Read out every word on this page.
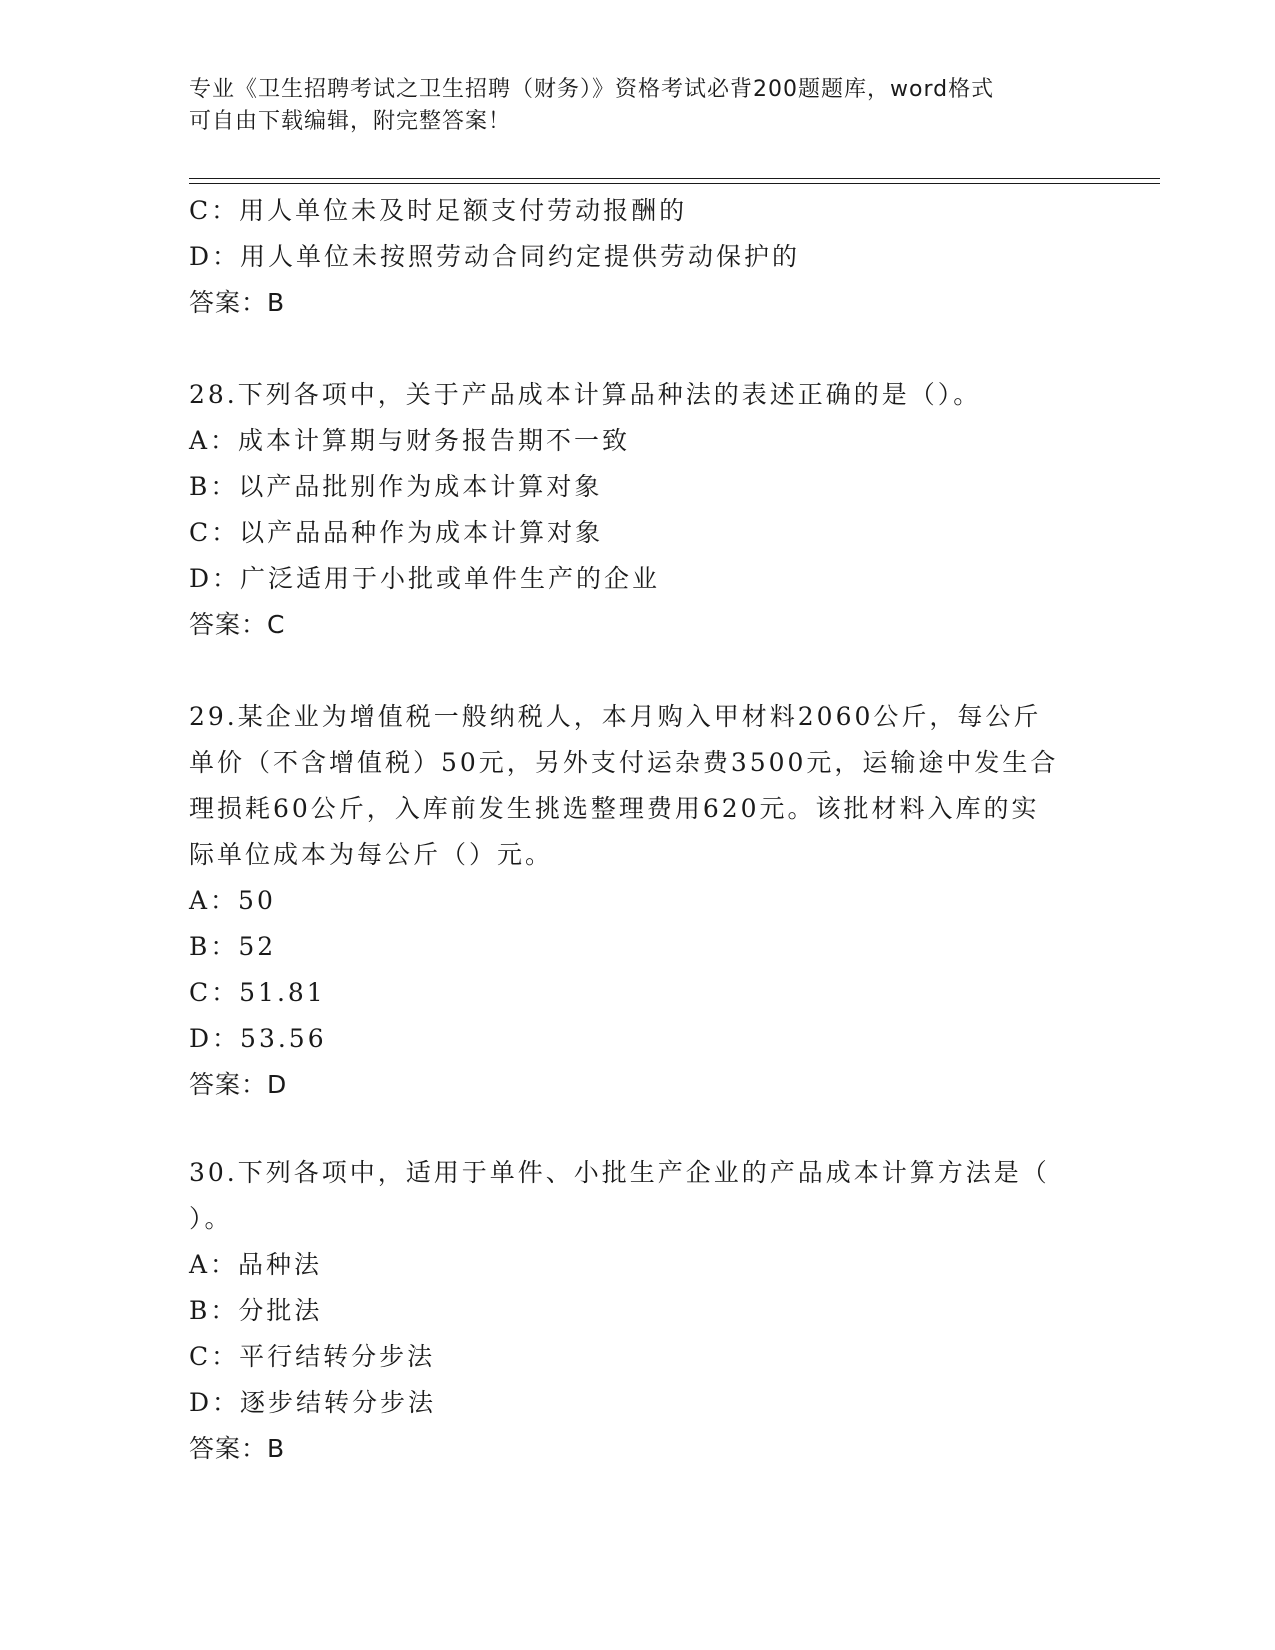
专业《卫生招聘考试之卫生招聘（财务）》资格考试必背200题题库，word格式
可自由下载编辑，附完整答案！
C：用人单位未及时足额支付劳动报酬的
D：用人单位未按照劳动合同约定提供劳动保护的
答案：B
28.下列各项中，关于产品成本计算品种法的表述正确的是（）。
A：成本计算期与财务报告期不一致
B：以产品批别作为成本计算对象
C：以产品品种作为成本计算对象
D：广泛适用于小批或单件生产的企业
答案：C
29.某企业为增值税一般纳税人，本月购入甲材料2060公斤，每公斤
单价（不含增值税）50元，另外支付运杂费3500元，运输途中发生合
理损耗60公斤，入库前发生挑选整理费用620元。该批材料入库的实
际单位成本为每公斤（）元。
A：50
B：52
C：51.81
D：53.56
答案：D
30.下列各项中，适用于单件、小批生产企业的产品成本计算方法是（
）。
A：品种法
B：分批法
C：平行结转分步法
D：逐步结转分步法
答案：B
